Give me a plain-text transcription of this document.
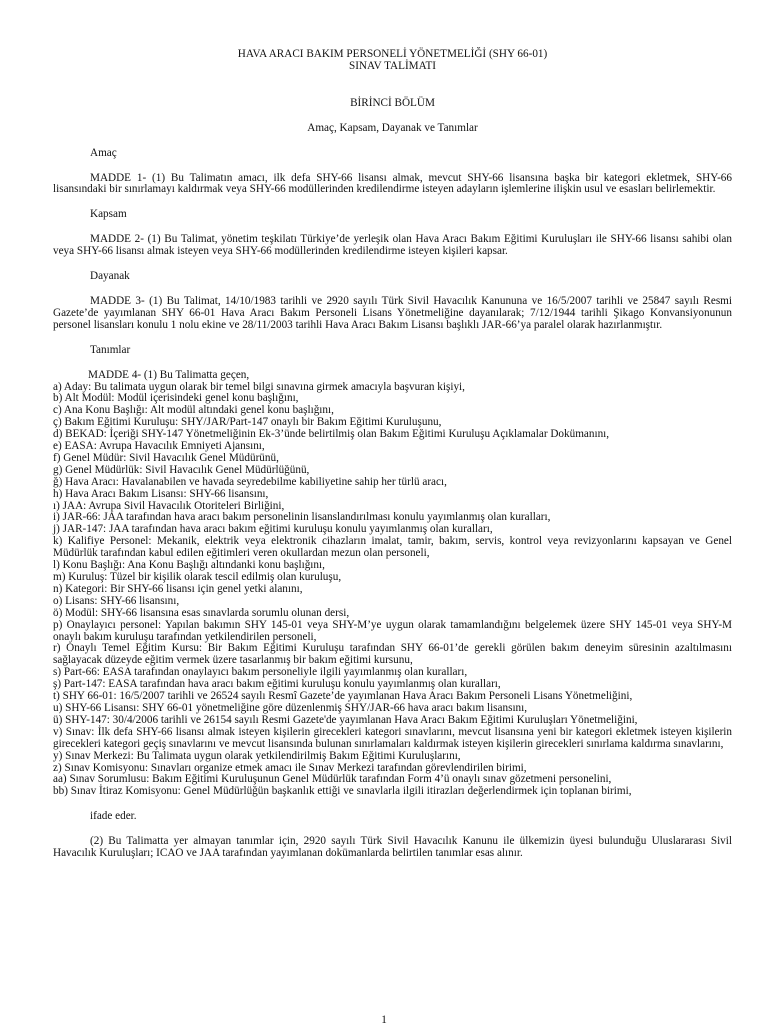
HAVA ARACI BAKIM PERSONELİ YÖNETMELİĞİ (SHY 66-01)
SINAV TALİMATI
BİRİNCİ BÖLÜM
Amaç, Kapsam, Dayanak ve Tanımlar
Amaç
MADDE 1- (1) Bu Talimatın amacı, ilk defa SHY-66 lisansı almak, mevcut SHY-66 lisansına başka bir kategori ekletmek, SHY-66 lisansındaki bir sınırlamayı kaldırmak veya SHY-66 modüllerinden kredilendirme isteyen adayların işlemlerine ilişkin usul ve esasları belirlemektir.
Kapsam
MADDE 2- (1) Bu Talimat, yönetim teşkilatı Türkiye’de yerleşik olan Hava Aracı Bakım Eğitimi Kuruluşları ile SHY-66 lisansı sahibi olan veya SHY-66 lisansı almak isteyen veya SHY-66 modüllerinden kredilendirme isteyen kişileri kapsar.
Dayanak
MADDE 3- (1) Bu Talimat, 14/10/1983 tarihli ve 2920 sayılı Türk Sivil Havacılık Kanununa ve 16/5/2007 tarihli ve 25847 sayılı Resmi Gazete’de yayımlanan SHY 66-01 Hava Aracı Bakım Personeli Lisans Yönetmeliğine dayanılarak; 7/12/1944 tarihli Şikago Konvansiyonunun personel lisansları konulu 1 nolu ekine ve 28/11/2003 tarihli Hava Aracı Bakım Lisansı başlıklı JAR-66’ya paralel olarak hazırlanmıştır.
Tanımlar
MADDE 4- (1) Bu Talimatta geçen,
a) Aday: Bu talimata uygun olarak bir temel bilgi sınavına girmek amacıyla başvuran kişiyi,
b) Alt Modül: Modül içerisindeki genel konu başlığını,
c) Ana Konu Başlığı: Alt modül altındaki genel konu başlığını,
ç) Bakım Eğitimi Kuruluşu: SHY/JAR/Part-147 onaylı bir Bakım Eğitimi Kuruluşunu,
d) BEKAD: İçeriği SHY-147 Yönetmeliğinin Ek-3’ünde belirtilmiş olan Bakım Eğitimi Kuruluşu Açıklamalar Dokümanını,
e) EASA: Avrupa Havacılık Emniyeti Ajansını,
f) Genel Müdür: Sivil Havacılık Genel Müdürünü,
g) Genel Müdürlük: Sivil Havacılık Genel Müdürlüğünü,
ğ) Hava Aracı: Havalanabilen ve havada seyredebilme kabiliyetine sahip her türlü aracı,
h) Hava Aracı Bakım Lisansı: SHY-66 lisansını,
ı) JAA: Avrupa Sivil Havacılık Otoriteleri Birliğini,
i) JAR-66: JAA tarafından hava aracı bakım personelinin lisanslandırılması konulu yayımlanmış olan kuralları,
j) JAR-147: JAA tarafından hava aracı bakım eğitimi kuruluşu konulu yayımlanmış olan kuralları,
k) Kalifiye Personel: Mekanik, elektrik veya elektronik cihazların imalat, tamir, bakım, servis, kontrol veya revizyonlarını kapsayan ve Genel Müdürlük tarafından kabul edilen eğitimleri veren okullardan mezun olan personeli,
l) Konu Başlığı: Ana Konu Başlığı altındanki konu başlığını,
m) Kuruluş: Tüzel bir kişilik olarak tescil edilmiş olan kuruluşu,
n) Kategori: Bir SHY-66 lisansı için genel yetki alanını,
o) Lisans: SHY-66 lisansını,
ö) Modül: SHY-66 lisansına esas sınavlarda sorumlu olunan dersi,
p) Onaylayıcı personel: Yapılan bakımın SHY 145-01 veya SHY-M’ye uygun olarak tamamlandığını belgelemek üzere SHY 145-01 veya SHY-M onaylı bakım kuruluşu tarafından yetkilendirilen personeli,
r) Onaylı Temel Eğitim Kursu: Bir Bakım Eğitimi Kuruluşu tarafından SHY 66-01’de gerekli görülen bakım deneyim süresinin azaltılmasını sağlayacak düzeyde eğitim vermek üzere tasarlanmış bir bakım eğitimi kursunu,
s) Part-66: EASA tarafından onaylayıcı bakım personeliyle ilgili yayımlanmış olan kuralları,
ş) Part-147: EASA tarafından hava aracı bakım eğitimi kuruluşu konulu yayımlanmış olan kuralları,
t) SHY 66-01: 16/5/2007 tarihli ve 26524 sayılı Resmî Gazete’de yayımlanan Hava Aracı Bakım Personeli Lisans Yönetmeliğini,
u) SHY-66 Lisansı: SHY 66-01 yönetmeliğine göre düzenlenmiş SHY/JAR-66 hava aracı bakım lisansını,
ü) SHY-147: 30/4/2006 tarihli ve 26154 sayılı Resmi Gazete'de yayımlanan Hava Aracı Bakım Eğitimi Kuruluşları Yönetmeliğini,
v) Sınav: İlk defa SHY-66 lisansı almak isteyen kişilerin girecekleri kategori sınavlarını, mevcut lisansına yeni bir kategori ekletmek isteyen kişilerin girecekleri kategori geçiş sınavlarını ve mevcut lisansında bulunan sınırlamaları kaldırmak isteyen kişilerin girecekleri sınırlama kaldırma sınavlarını,
y) Sınav Merkezi: Bu Talimata uygun olarak yetkilendirilmiş Bakım Eğitimi Kuruluşlarını,
z) Sınav Komisyonu: Sınavları organize etmek amacı ile Sınav Merkezi tarafından görevlendirilen birimi,
aa) Sınav Sorumlusu: Bakım Eğitimi Kuruluşunun Genel Müdürlük tarafından Form 4’ü onaylı sınav gözetmeni personelini,
bb) Sınav İtiraz Komisyonu: Genel Müdürlüğün başkanlık ettiği ve sınavlarla ilgili itirazları değerlendirmek için toplanan birimi,
ifade eder.
(2) Bu Talimatta yer almayan tanımlar için, 2920 sayılı Türk Sivil Havacılık Kanunu ile ülkemizin üyesi bulunduğu Uluslararası Sivil Havacılık Kuruluşları; ICAO ve JAA tarafından yayımlanan dokümanlarda belirtilen tanımlar esas alınır.
1
